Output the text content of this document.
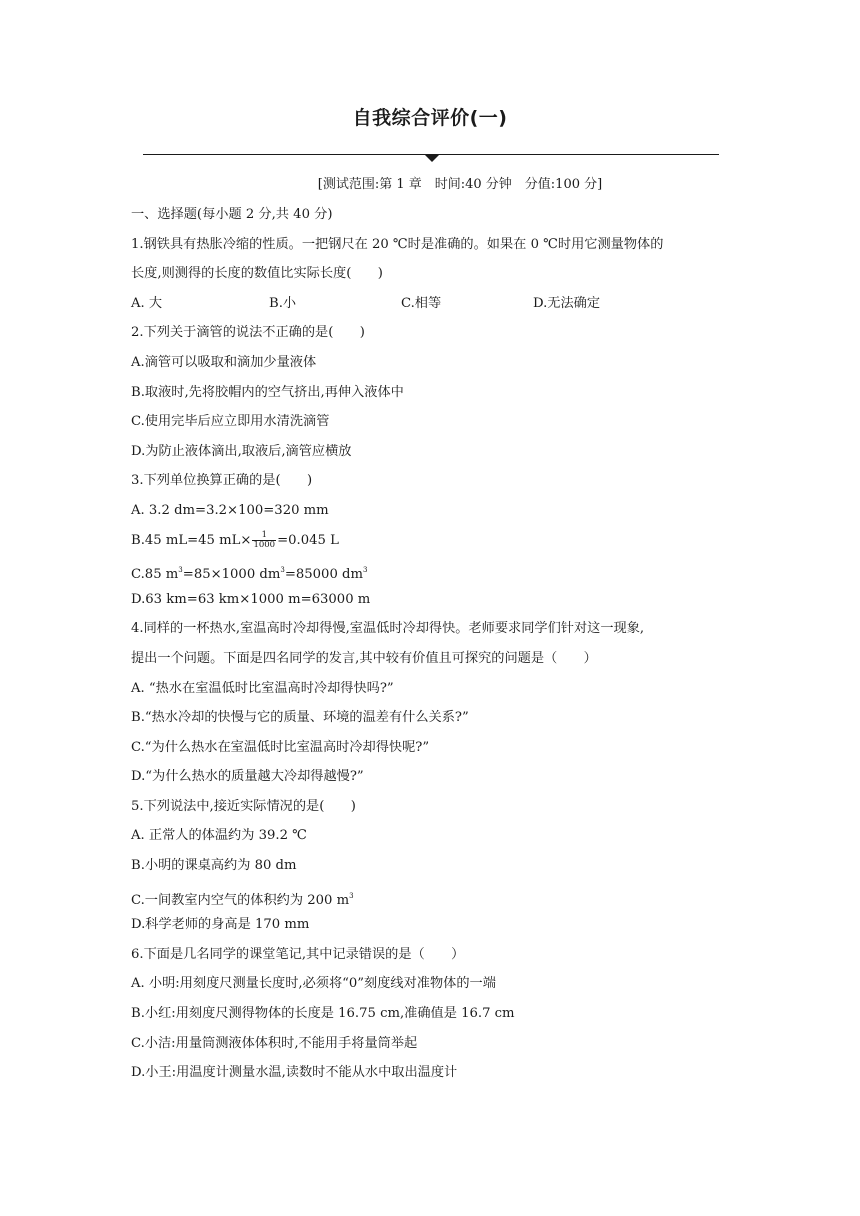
自我综合评价(一)
[测试范围:第 1 章　时间:40 分钟　分值:100 分]
一、选择题(每小题 2 分,共 40 分)
1.钢铁具有热胀冷缩的性质。一把钢尺在 20 ℃时是准确的。如果在 0 ℃时用它测量物体的
长度,则测得的长度的数值比实际长度(　　)
A. 大	B.小	C.相等	D.无法确定
2.下列关于滴管的说法不正确的是(　　)
A.滴管可以吸取和滴加少量液体
B.取液时,先将胶帽内的空气挤出,再伸入液体中
C.使用完毕后应立即用水清洗滴管
D.为防止液体滴出,取液后,滴管应横放
3.下列单位换算正确的是(　　)
A. 3.2 dm=3.2×100=320 mm
B.45 mL=45 $mL\times \frac{1}{1000} =0.045$ L
C.85 $m^3=85\times 1000$ $dm^3=85000$ $dm^3$
D.63 km=63 km×1000 m=63000 m
4.同样的一杯热水,室温高时冷却得慢,室温低时冷却得快。老师要求同学们针对这一现象,
提出一个问题。下面是四名同学的发言,其中较有价值且可探究的问题是（　　）
A. “热水在室温低时比室温高时冷却得快吗?”
B.“热水冷却的快慢与它的质量、环境的温差有什么关系?”
C.“为什么热水在室温低时比室温高时冷却得快呢?”
D.“为什么热水的质量越大冷却得越慢?”
5.下列说法中,接近实际情况的是(　　)
A. 正常人的体温约为 39.2 ℃
B.小明的课桌高约为 80 dm
C.一间教室内空气的体积约为 200 $m^3$
D.科学老师的身高是 170 mm
6.下面是几名同学的课堂笔记,其中记录错误的是（　　）
A. 小明:用刻度尺测量长度时,必须将“0”刻度线对准物体的一端
B.小红:用刻度尺测得物体的长度是 16.75 cm,准确值是 16.7 cm
C.小洁:用量筒测液体体积时,不能用手将量筒举起
D.小王:用温度计测量水温,读数时不能从水中取出温度计
